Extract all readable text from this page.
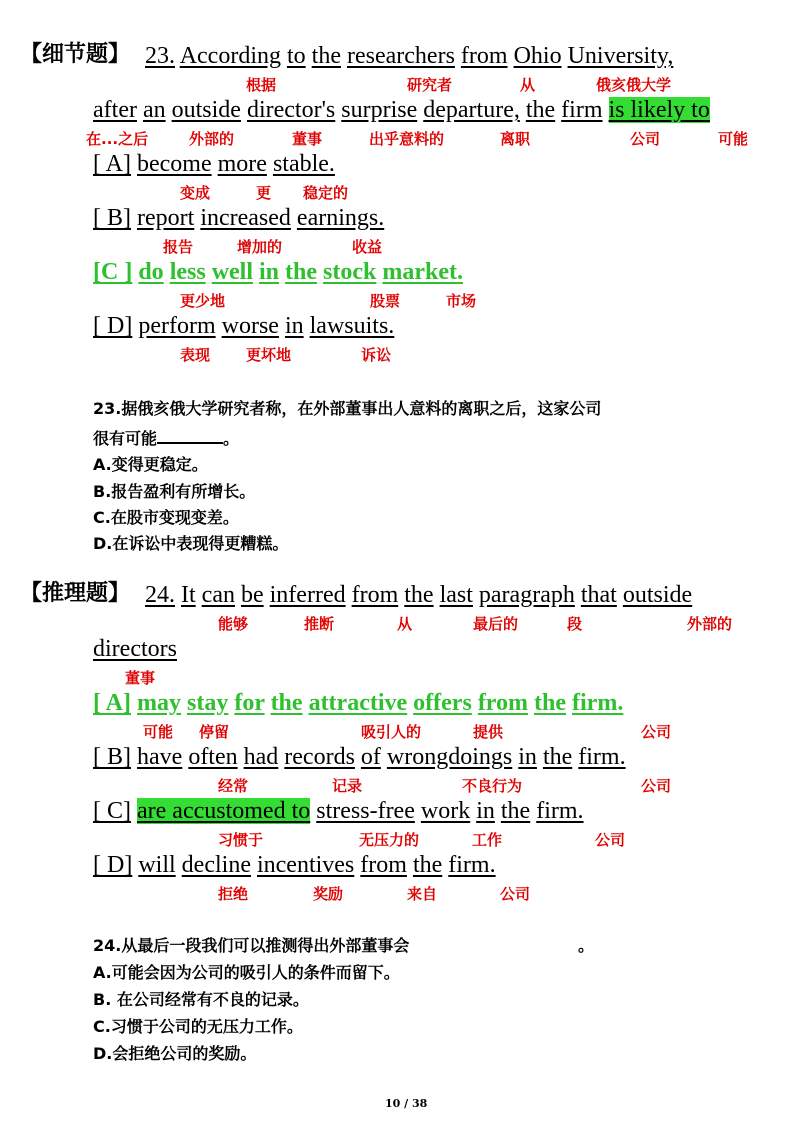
【细节题】 23. According to the researchers from Ohio University,
根据	研究者	从	俄亥俄大学
after an outside director's surprise departure, the firm is likely to
在...之后	外部的	董事	出乎意料的	离职	公司	可能
[ A] become more stable.
变成	更 稳定的
[ B] report increased earnings.
报告	增加的	收益
[C ] do less well in the stock market.
更少地	股票	市场
[ D] perform worse in lawsuits.
表现 更坏地	诉讼
23.据俄亥俄大学研究者称，在外部董事出人意料的离职之后，这家公司
很有可能	。
A.变得更稳定。
B.报告盈利有所增长。
C.在股市变现变差。
D.在诉讼中表现得更糟糕。
【推理题】 24. It can be inferred from the last paragraph that outside
能够	推断	从	最后的	段	外部的
directors
董事
[ A] may stay for the attractive offers from the firm.
可能 停留	吸引人的	提供	公司
[ B] have often had records of wrongdoings in the firm.
经常	记录	不良行为	公司
[ C] are accustomed to stress-free work in the firm.
习惯于	无压力的	工作	公司
[ D] will decline incentives from the firm.
拒绝	奖励	来自	公司
24.从最后一段我们可以推测得出外部董事会	。
A.可能会因为公司的吸引人的条件而留下。
B. 在公司经常有不良的记录。
C.习惯于公司的无压力工作。
D.会拒绝公司的奖励。
10 / 38
